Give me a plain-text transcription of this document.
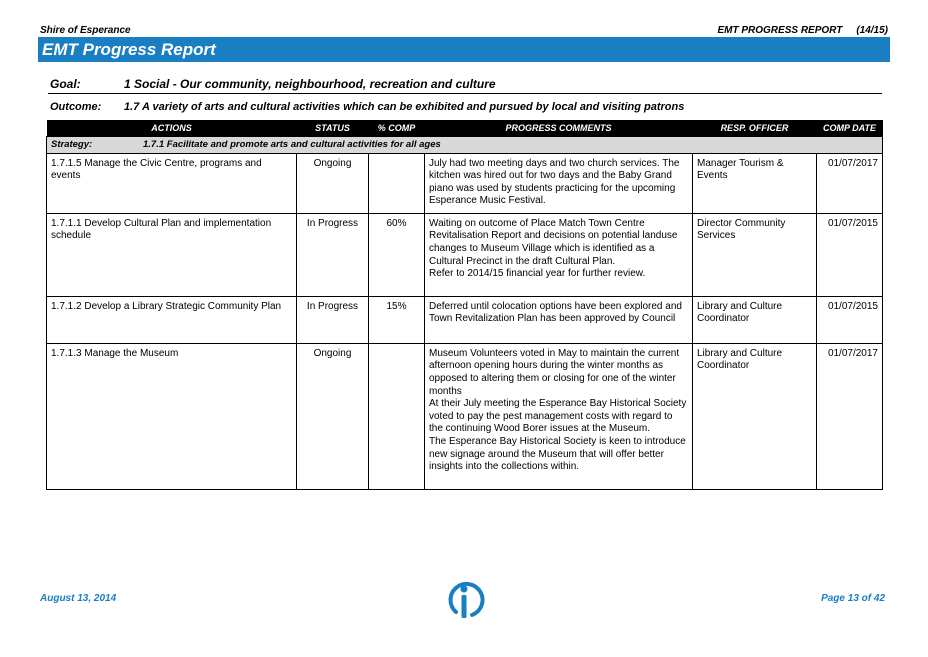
Shire of Esperance	EMT PROGRESS REPORT (14/15)
EMT Progress Report
Goal:	1 Social - Our community, neighbourhood, recreation and culture
Outcome: 1.7 A variety of arts and cultural activities which can be exhibited and pursued by local and visiting patrons
ACTIONS	STATUS	% COMP	PROGRESS COMMENTS	RESP. OFFICER	COMP DATE
Strategy: 1.7.1 Facilitate and promote arts and cultural activities for all ages					
1.7.1.5 Manage the Civic Centre, programs and events	Ongoing		July had two meeting days and two church services. The kitchen was hired out for two days and the Baby Grand piano was used by students practicing for the upcoming Esperance Music Festival.	Manager Tourism & Events	01/07/2017
1.7.1.1 Develop Cultural Plan and implementation schedule	In Progress	60%	Waiting on outcome of Place Match Town Centre Revitalisation Report and decisions on potential landuse changes to Museum Village which is identified as a Cultural Precinct in the draft Cultural Plan.
Refer to 2014/15 financial year for further review.	Director Community Services	01/07/2015
1.7.1.2 Develop a Library Strategic Community Plan	In Progress	15%	Deferred until colocation options have been explored and Town Revitalization Plan has been approved by Council	Library and Culture Coordinator	01/07/2015
1.7.1.3 Manage the Museum	Ongoing		Museum Volunteers voted in May to maintain the current afternoon opening hours during the winter months as opposed to altering them or closing for one of the winter months
At their July meeting the Esperance Bay Historical Society voted to pay the pest management costs with regard to the continuing Wood Borer issues at the Museum.
The Esperance Bay Historical Society is keen to introduce new signage around the Museum that will offer better insights into the collections within.	Library and Culture Coordinator	01/07/2017
August 13, 2014	Page 13 of 42
